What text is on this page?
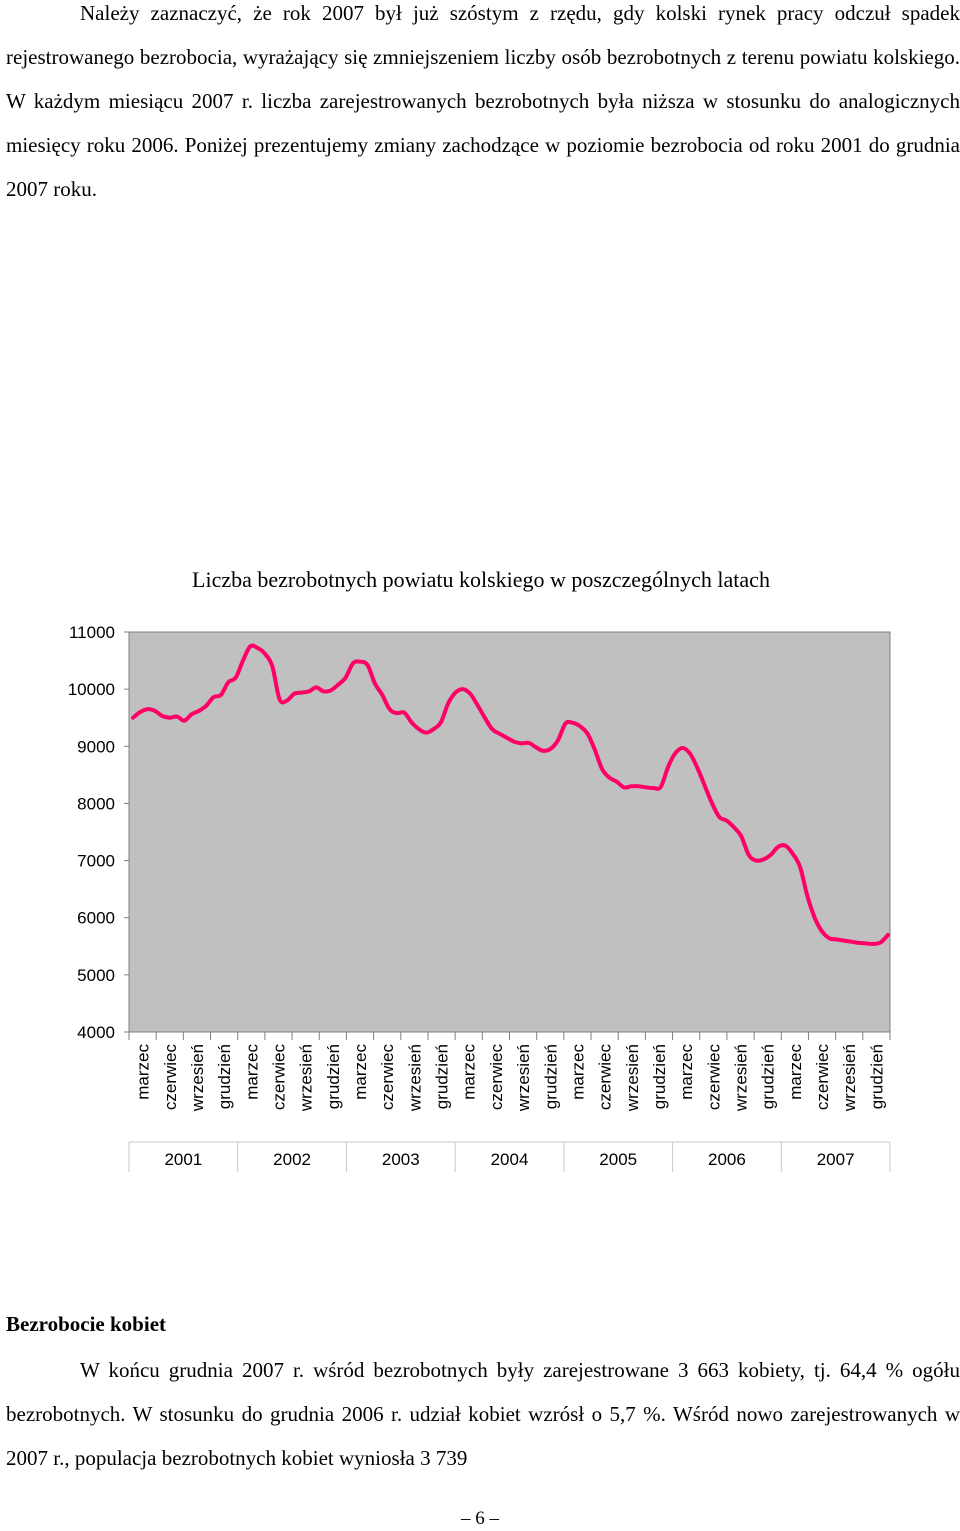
Należy zaznaczyć, że rok 2007 był już szóstym z rzędu, gdy kolski rynek pracy odczuł spadek rejestrowanego bezrobocia, wyrażający się zmniejszeniem liczby osób bezrobotnych z terenu powiatu kolskiego. W każdym miesiącu 2007 r. liczba zarejestrowanych bezrobotnych była niższa w stosunku do analogicznych miesięcy roku 2006. Poniżej prezentujemy zmiany zachodzące w poziomie bezrobocia od roku 2001 do grudnia 2007 roku.

Liczba bezrobotnych powiatu kolskiego w poszczególnych latach
11000
10000
9000
8000
7000
6000
5000
4000
marzec czerwiec wrzesień grudzień marzec czerwiec wrzesień grudzień marzec czerwiec wrzesień grudzień marzec czerwiec wrzesień grudzień marzec czerwiec wrzesień grudzień marzec czerwiec wrzesień grudzień marzec czerwiec wrzesień grudzień
2001	2002	2003	2004	2005	2006	2007
Bezrobocie kobiet

W końcu grudnia 2007 r. wśród bezrobotnych były zarejestrowane 3 663 kobiety, tj. 64,4 % ogółu bezrobotnych. W stosunku do grudnia 2006 r. udział kobiet wzrósł o 5,7 %. Wśród nowo zarejestrowanych w 2007 r., populacja bezrobotnych kobiet wyniosła 3 739

– 6 –
